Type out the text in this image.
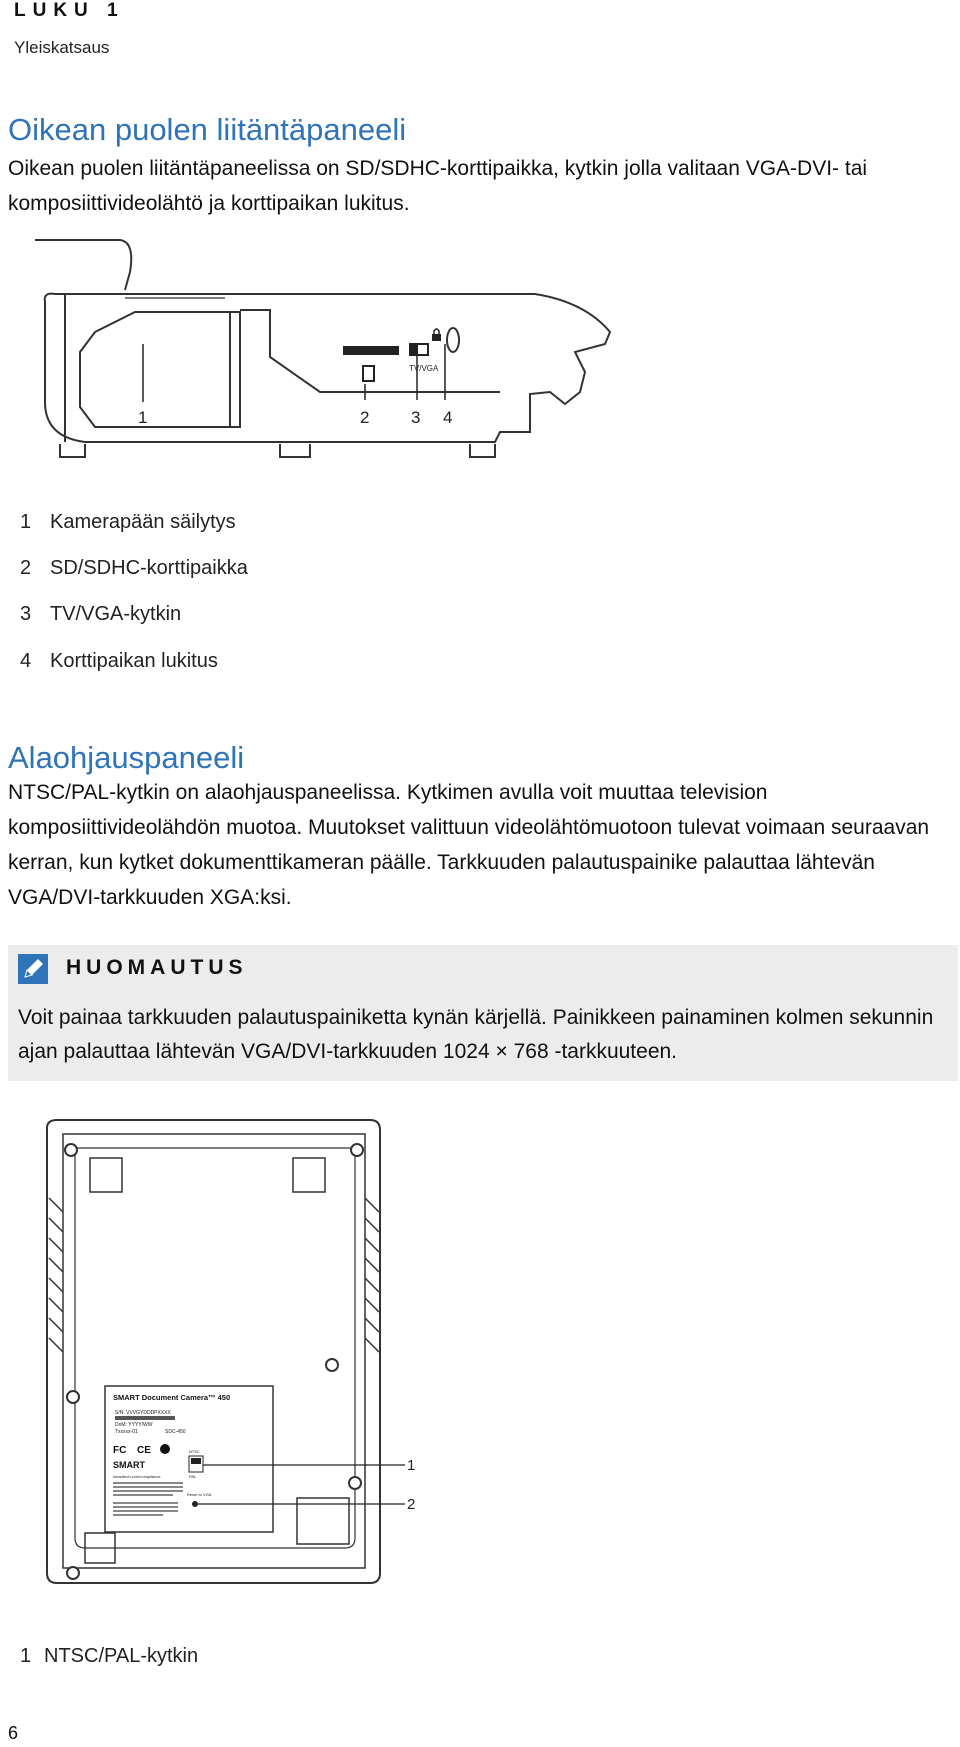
LUKU 1
Yleiskatsaus
Oikean puolen liitäntäpaneeli
Oikean puolen liitäntäpaneelissa on SD/SDHC-korttipaikka, kytkin jolla valitaan VGA-DVI- tai komposiittivideolähtö ja korttipaikan lukitus.
TV/VGA
1	2 3 4
1 Kamerapään säilytys
2 SD/SDHC-korttipaikka
3 TV/VGA-kytkin
4 Korttipaikan lukitus
Alaohjauspaneeli
NTSC/PAL-kytkin on alaohjauspaneelissa. Kytkimen avulla voit muuttaa television komposiittivideolähdön muotoa. Muutokset valittuun videolähtömuotoon tulevat voimaan seuraavan kerran, kun kytket dokumenttikameran päälle. Tarkkuuden palautuspainike palauttaa lähtevän VGA/DVI-tarkkuuden XGA:ksi.
HUOMAUTUS
Voit painaa tarkkuuden palautuspainiketta kynän kärjellä. Painikkeen painaminen kolmen sekunnin ajan palauttaa lähtevän VGA/DVI-tarkkuuden 1024 × 768 -tarkkuuteen.
SMART Document Camera™ 450
S/N: VVVGYDDDPXXXX
DoM: YYYY/WW
Txxxxx-01	SDC-450
FC CE
SMART
smarttech.com/compliance
NTSC
PAL
Reset to VGA
1
2
1 NTSC/PAL-kytkin
6
